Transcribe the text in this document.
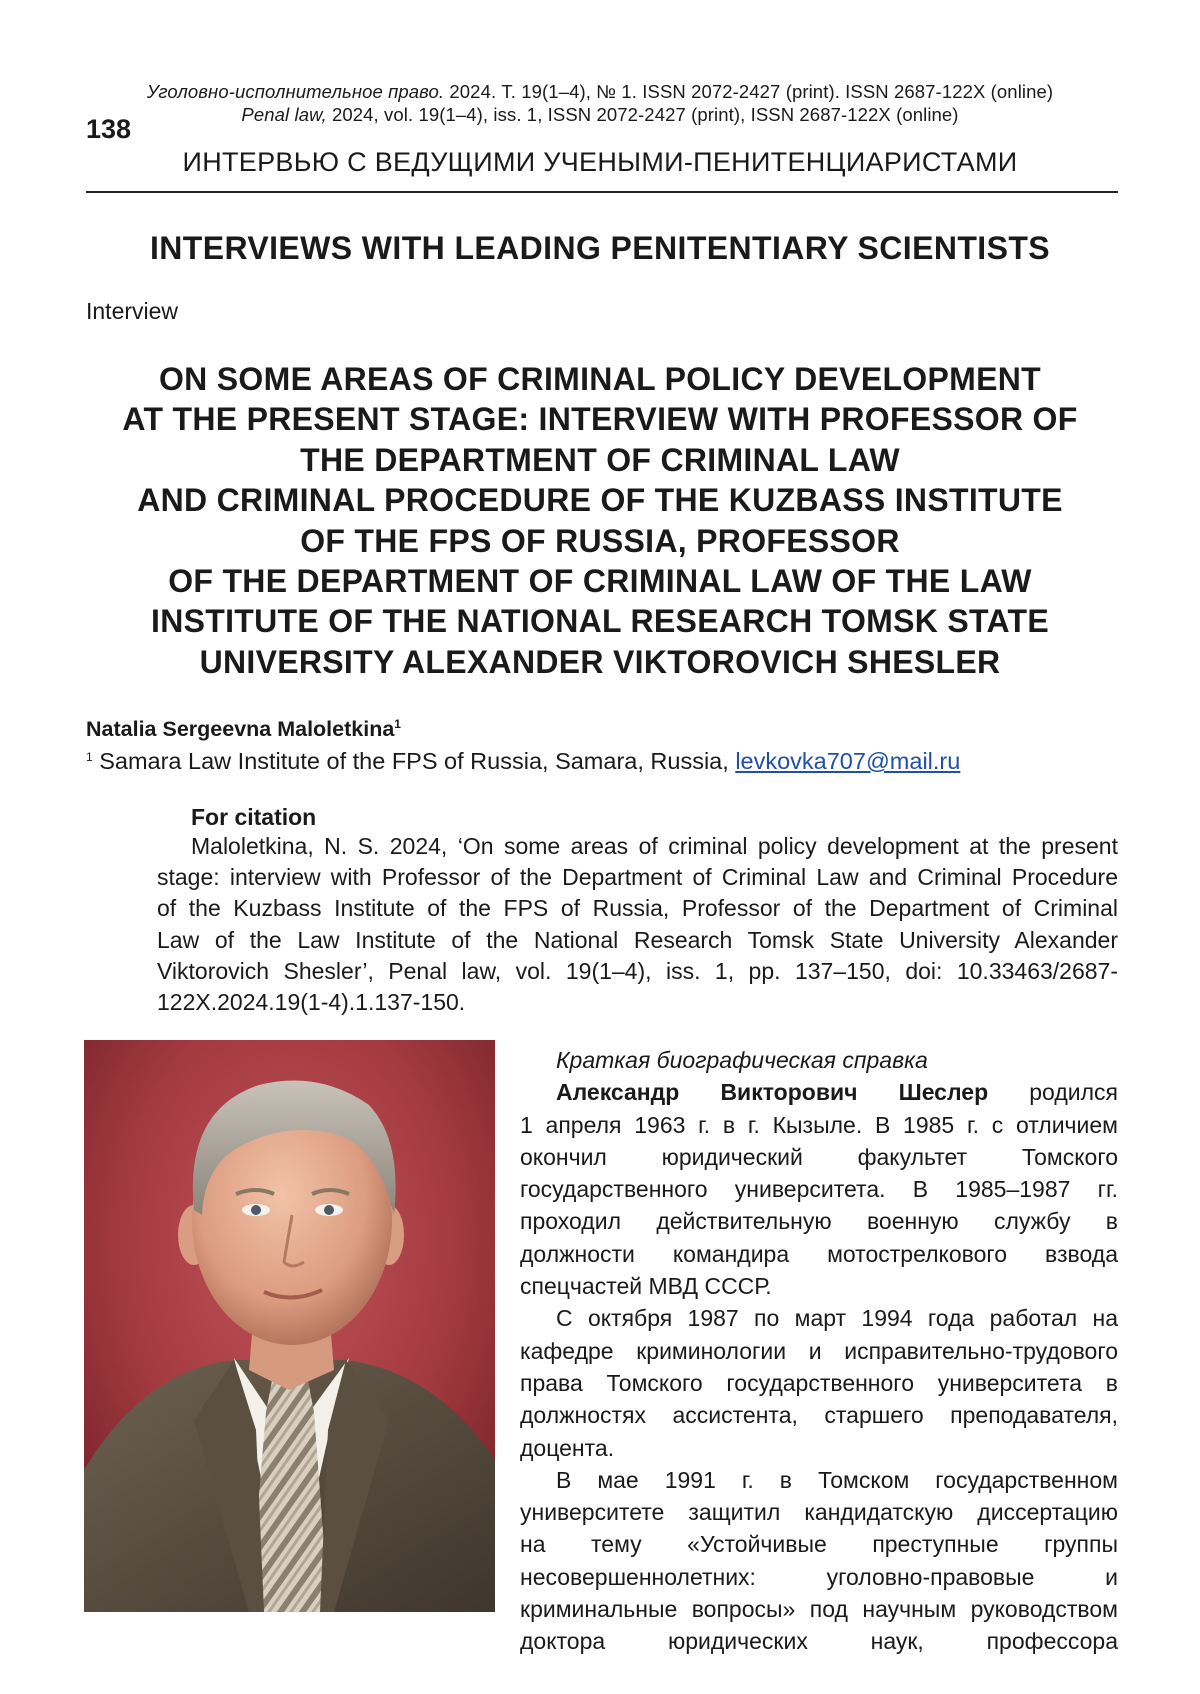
Уголовно-исполнительное право. 2024. Т. 19(1–4), № 1. ISSN 2072-2427 (print). ISSN 2687-122X (online)
Penal law, 2024, vol. 19(1–4), iss. 1, ISSN 2072-2427 (print), ISSN 2687-122X (online)
138
ИНТЕРВЬЮ С ВЕДУЩИМИ УЧЕНЫМИ-ПЕНИТЕНЦИАРИСТАМИ
INTERVIEWS WITH LEADING PENITENTIARY SCIENTISTS
Interview
ON SOME AREAS OF CRIMINAL POLICY DEVELOPMENT
AT THE PRESENT STAGE: INTERVIEW WITH PROFESSOR OF
THE DEPARTMENT OF CRIMINAL LAW
AND CRIMINAL PROCEDURE OF THE KUZBASS INSTITUTE
OF THE FPS OF RUSSIA, PROFESSOR
OF THE DEPARTMENT OF CRIMINAL LAW OF THE LAW
INSTITUTE OF THE NATIONAL RESEARCH TOMSK STATE
UNIVERSITY ALEXANDER VIKTOROVICH SHESLER
Natalia Sergeevna Maloletkina$^1$
$^1$ Samara Law Institute of the FPS of Russia, Samara, Russia, levkovka707@mail.ru
For citation
Maloletkina, N. S. 2024, ‘On some areas of criminal policy development at the present
stage: interview with Professor of the Department of Criminal Law and Criminal Procedure
of the Kuzbass Institute of the FPS of Russia, Professor of the Department of Criminal
Law of the Law Institute of the National Research Tomsk State University Alexander
Viktorovich Shesler’, Penal law, vol. 19(1–4), iss. 1, pp. 137–150, doi: 10.33463/2687-
122X.2024.19(1-4).1.137-150.
Краткая биографическая справка
Александр Викторович Шеслер родился
1 апреля 1963 г. в г. Кызыле. В 1985 г. с отличием
окончил юридический факультет Томского
государственного университета. В 1985–1987 гг.
проходил действительную военную службу в
должности командира мотострелкового взвода
спецчастей МВД СССР.
С октября 1987 по март 1994 года работал на
кафедре криминологии и исправительно-трудового
права Томского государственного университета в
должностях ассистента, старшего преподавателя,
доцента.
В мае 1991 г. в Томском государственном
университете защитил кандидатскую диссертацию
на тему «Устойчивые преступные группы
несовершеннолетних: уголовно-правовые и
криминальные вопросы» под научным руководством
доктора юридических наук, профессора
